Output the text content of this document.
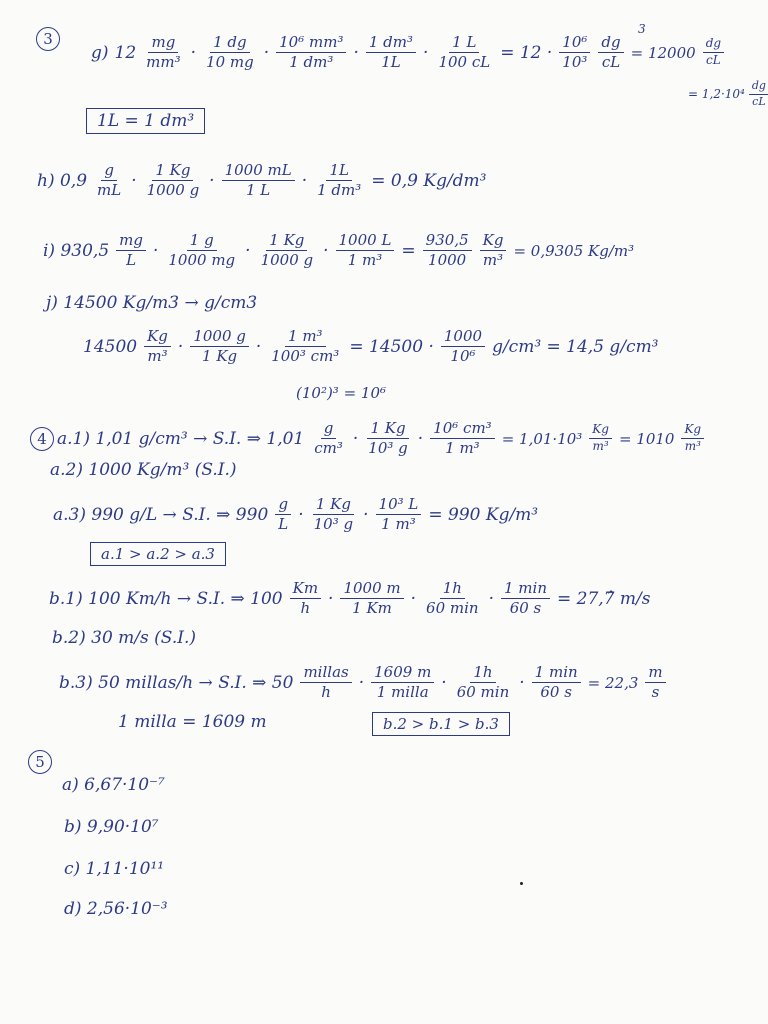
3
g) $12 \frac{mg}{\text{mm³}} \cdot \frac{1 dg}{10 mg} \cdot \frac{\text{10⁶ mm³}}{\text{1 dm³}} \cdot \frac{\text{1 dm³}}{1L} \cdot \frac{1 L}{100 cL} = 12 \cdot \frac{\text{10⁶}}{\text{10³}} \frac{dg}{cL} = 12000 \frac{dg}{cL}$
3
= $1,2\cdot 10^4 \frac{dg}{cL}$
1L = 1 dm³
h) $0,9 \frac{g}{mL} \cdot \frac{1 Kg}{1000 g} \cdot \frac{1000 mL}{1 L} \cdot \frac{1L}{\text{1 dm³}} = 0,9$ Kg/dm³
i) $930,5 \frac{mg}{L} \cdot \frac{1 g}{1000 mg} \cdot \frac{1 Kg}{1000 g} \cdot \frac{1000 L}{\text{1 m³}} = \frac{930,5}{1000} \frac{Kg}{\text{m³}} = 0,9305$ Kg/m³
j) 14500 Kg/m3 → g/cm3
$14500 \frac{Kg}{\text{m³}} \cdot \frac{1000 g}{1 Kg} \cdot \frac{\text{1 m³}}{\text{100³ cm³}} = 14500 \cdot \frac{1000}{\text{10⁶}} g/cm^3 = 14,5$ g/cm³
(10²)³ = 10⁶
4 a.1) 1,01 g/cm³ → S.I. ⇒ $1,01 \frac{g}{\text{cm³}} \cdot \frac{1 Kg}{\text{10³ g}} \cdot \frac{\text{10⁶ cm³}}{\text{1 m³}} = 1,01\cdot 10^3 \frac{Kg}{\text{m³}} = 1010 \frac{Kg}{\text{m³}}$
a.2) 1000 Kg/m³ (S.I.)
a.3) 990 g/L → S.I. ⇒ $990 \frac{g}{L} \cdot \frac{1 Kg}{\text{10³ g}} \cdot \frac{\text{10³ L}}{\text{1 m³}} = 990$ Kg/m³
a.1 > a.2 > a.3
b.1) 100 Km/h → S.I. ⇒ $100 \frac{Km}{h} \cdot \frac{1000 m}{1 Km} \cdot \frac{1h}{60 \min} \cdot \frac{1 \min}{60 s}$ = 27,7̂ m/s
b.2) 30 m/s (S.I.)
b.3) 50 millas/h → S.I. ⇒ $50 \frac{\text{millas}}{h} \cdot \frac{1609 m}{\text{1 milla}} \cdot \frac{1h}{60 \min} \cdot \frac{1 \min}{60 s} = 22,3 \frac{m}{s}$
1 milla = 1609 m	b.2 > b.1 > b.3
5
a) 6,67·10⁻⁷
b) 9,90·10⁷
c) 1,11·10¹¹
d) 2,56·10⁻³
